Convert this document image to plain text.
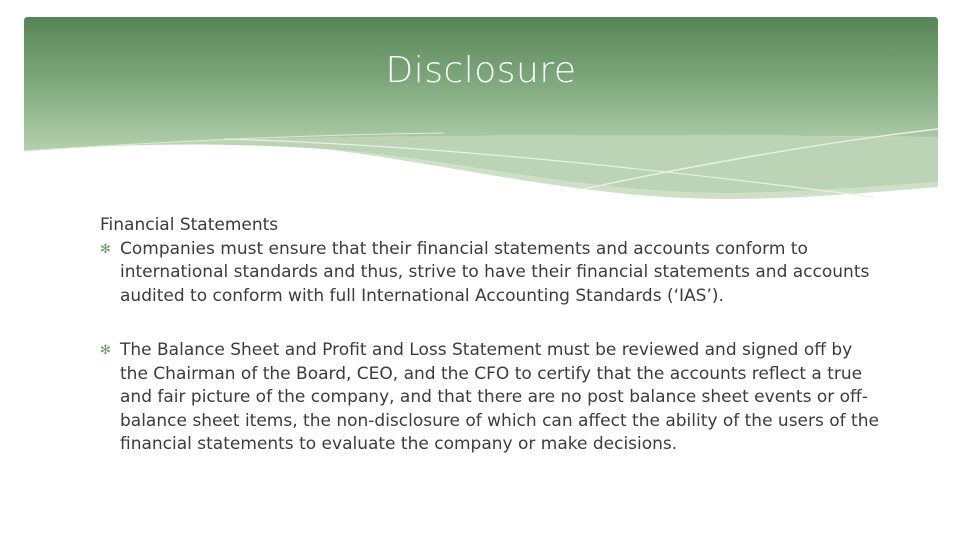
Disclosure
Financial Statements
✻ Companies must ensure that their financial statements and accounts conform to international standards and thus, strive to have their financial statements and accounts audited to conform with full International Accounting Standards (‘IAS’).
✻ The Balance Sheet and Profit and Loss Statement must be reviewed and signed off by the Chairman of the Board, CEO, and the CFO to certify that the accounts reflect a true and fair picture of the company, and that there are no post balance sheet events or off-balance sheet items, the non-disclosure of which can affect the ability of the users of the financial statements to evaluate the company or make decisions.
